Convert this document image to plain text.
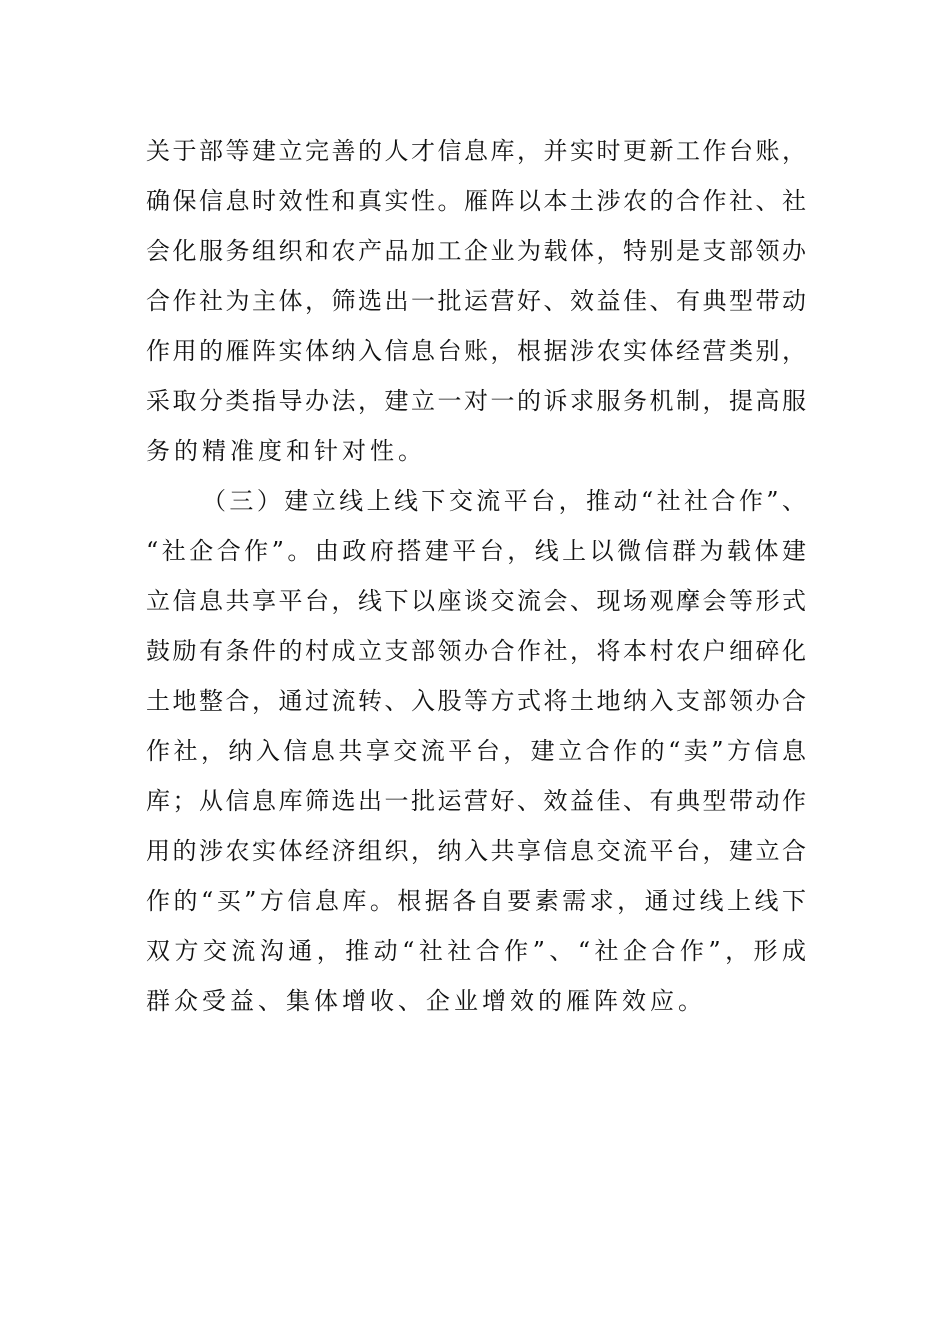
关于部等建立完善的人才信息库，并实时更新工作台账，
确保信息时效性和真实性。雁阵以本土涉农的合作社、社
会化服务组织和农产品加工企业为载体，特别是支部领办
合作社为主体，筛选出一批运营好、效益佳、有典型带动
作用的雁阵实体纳入信息台账，根据涉农实体经营类别，
采取分类指导办法，建立一对一的诉求服务机制，提高服
务的精准度和针对性。
（三）建立线上线下交流平台，推动“社社合作”、
“社企合作”。由政府搭建平台，线上以微信群为载体建
立信息共享平台，线下以座谈交流会、现场观摩会等形式
鼓励有条件的村成立支部领办合作社，将本村农户细碎化
土地整合，通过流转、入股等方式将土地纳入支部领办合
作社，纳入信息共享交流平台，建立合作的“卖”方信息
库；从信息库筛选出一批运营好、效益佳、有典型带动作
用的涉农实体经济组织，纳入共享信息交流平台，建立合
作的“买”方信息库。根据各自要素需求，通过线上线下
双方交流沟通，推动“社社合作”、“社企合作”，形成
群众受益、集体增收、企业增效的雁阵效应。
